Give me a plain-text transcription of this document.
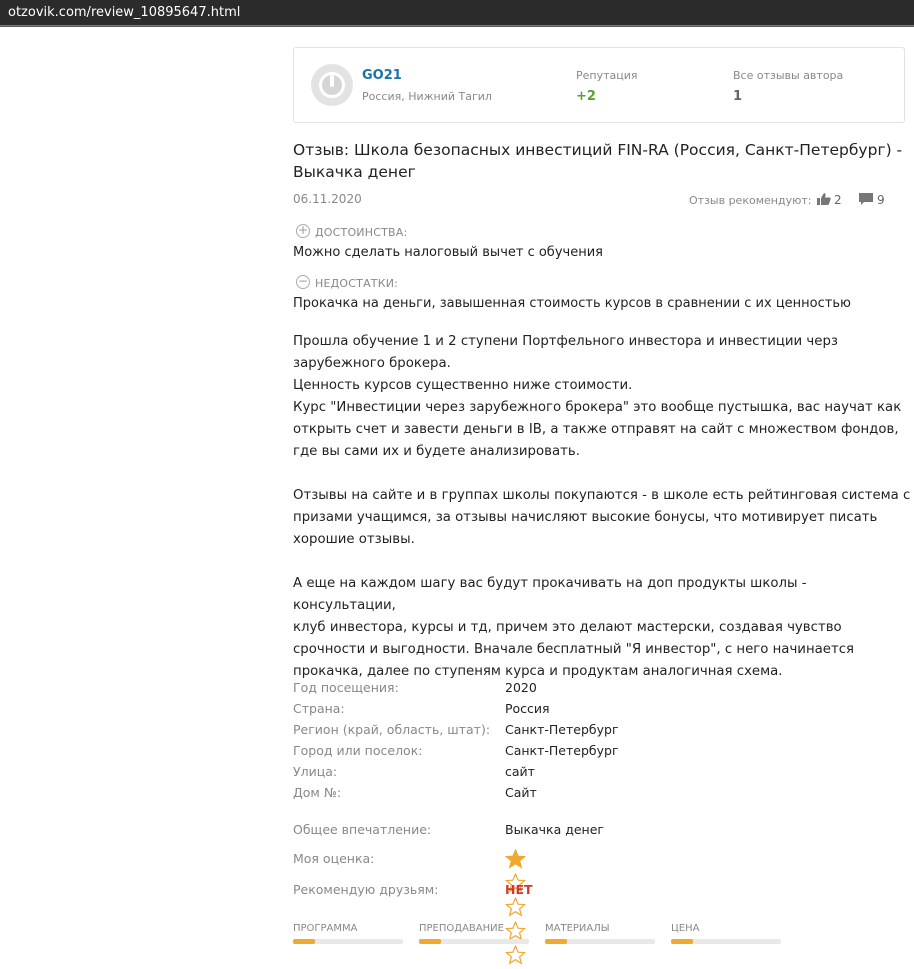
otzovik.com/review_10895647.html
GO21
Россия, Нижний Тагил
Репутация
+2
Все отзывы автора
1
Отзыв: Школа безопасных инвестиций FIN-RA (Россия, Санкт-Петербург) - Выкачка денег
06.11.2020	Отзыв рекомендуют: 2	9
+ ДОСТОИНСТВА:
Можно сделать налоговый вычет с обучения
− НЕДОСТАТКИ:
Прокачка на деньги, завышенная стоимость курсов в сравнении с их ценностью

Прошла обучение 1 и 2 ступени Портфельного инвестора и инвестиции черз

зарубежного брокера.

Ценность курсов существенно ниже стоимости.

Курс "Инвестиции через зарубежного брокера" это вообще пустышка, вас научат как

открыть счет и завести деньги в IB, а также отправят на сайт с множеством фондов,

где вы сами их и будете анализировать.

Отзывы на сайте и в группах школы покупаются - в школе есть рейтинговая система с

призами учащимся, за отзывы начисляют высокие бонусы, что мотивирует писать

хорошие отзывы.

А еще на каждом шагу вас будут прокачивать на доп продукты школы - консультации,

клуб инвестора, курсы и тд, причем это делают мастерски, создавая чувство

срочности и выгодности. Вначале бесплатный "Я инвестор", с него начинается

прокачка, далее по ступеням курса и продуктам аналогичная схема.

Год посещения:	2020
Страна:	Россия
Регион (край, область, штат): Санкт-Петербург
Город или поселок:	Санкт-Петербург
Улица:	сайт
Дом №:	Сайт
Общее впечатление:	Выкачка денег
Моя оценка:
Рекомендую друзьям:	НЕТ
ПРОГРАММА	ПРЕПОДАВАНИЕ	МАТЕРИАЛЫ	ЦЕНА
